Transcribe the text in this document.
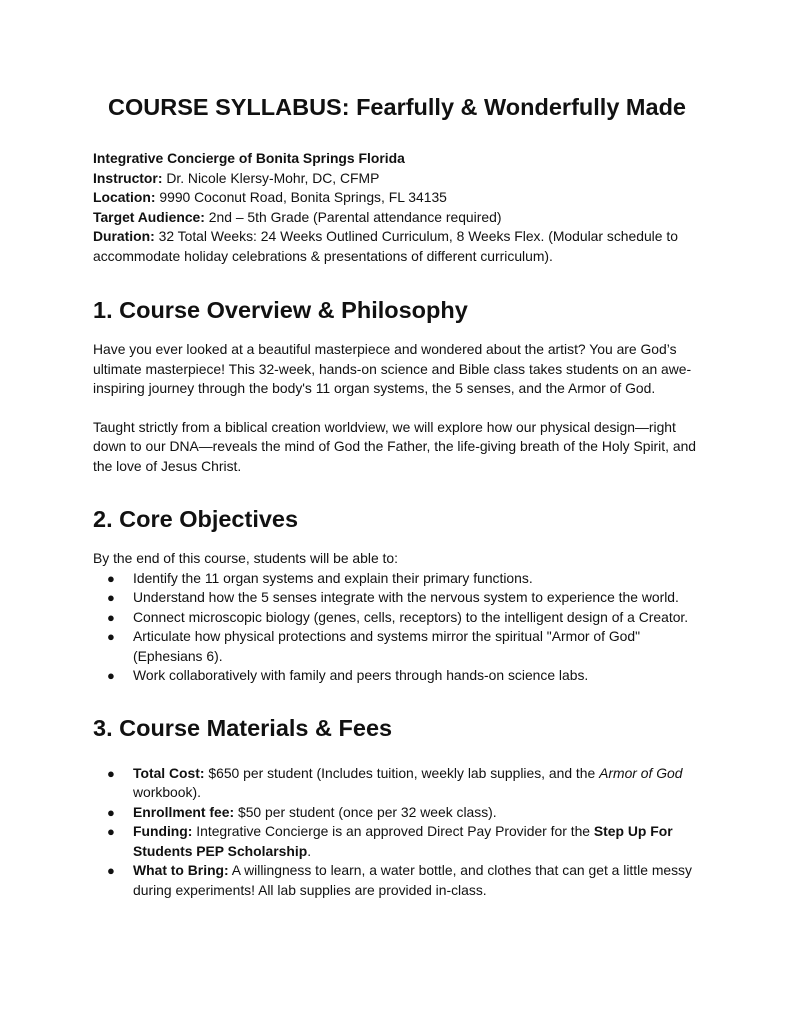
COURSE SYLLABUS: Fearfully & Wonderfully Made

Integrative Concierge of Bonita Springs Florida

Instructor: Dr. Nicole Klersy-Mohr, DC, CFMP

Location: 9990 Coconut Road, Bonita Springs, FL 34135

Target Audience: 2nd – 5th Grade (Parental attendance required)

Duration: 32 Total Weeks: 24 Weeks Outlined Curriculum, 8 Weeks Flex. (Modular schedule to accommodate holiday celebrations & presentations of different curriculum).

1. Course Overview & Philosophy

Have you ever looked at a beautiful masterpiece and wondered about the artist? You are God’s ultimate masterpiece! This 32-week, hands-on science and Bible class takes students on an awe-inspiring journey through the body's 11 organ systems, the 5 senses, and the Armor of God.

Taught strictly from a biblical creation worldview, we will explore how our physical design—right down to our DNA—reveals the mind of God the Father, the life-giving breath of the Holy Spirit, and the love of Jesus Christ.

2. Core Objectives

By the end of this course, students will be able to:

● Identify the 11 organ systems and explain their primary functions.
● Understand how the 5 senses integrate with the nervous system to experience the world.
● Connect microscopic biology (genes, cells, receptors) to the intelligent design of a Creator.
● Articulate how physical protections and systems mirror the spiritual "Armor of God" (Ephesians 6).
● Work collaboratively with family and peers through hands-on science labs.
3. Course Materials & Fees
● Total Cost: $650 per student (Includes tuition, weekly lab supplies, and the Armor of God workbook).
● Enrollment fee: $50 per student (once per 32 week class).
● Funding: Integrative Concierge is an approved Direct Pay Provider for the Step Up For Students PEP Scholarship.
● What to Bring: A willingness to learn, a water bottle, and clothes that can get a little messy during experiments! All lab supplies are provided in-class.
